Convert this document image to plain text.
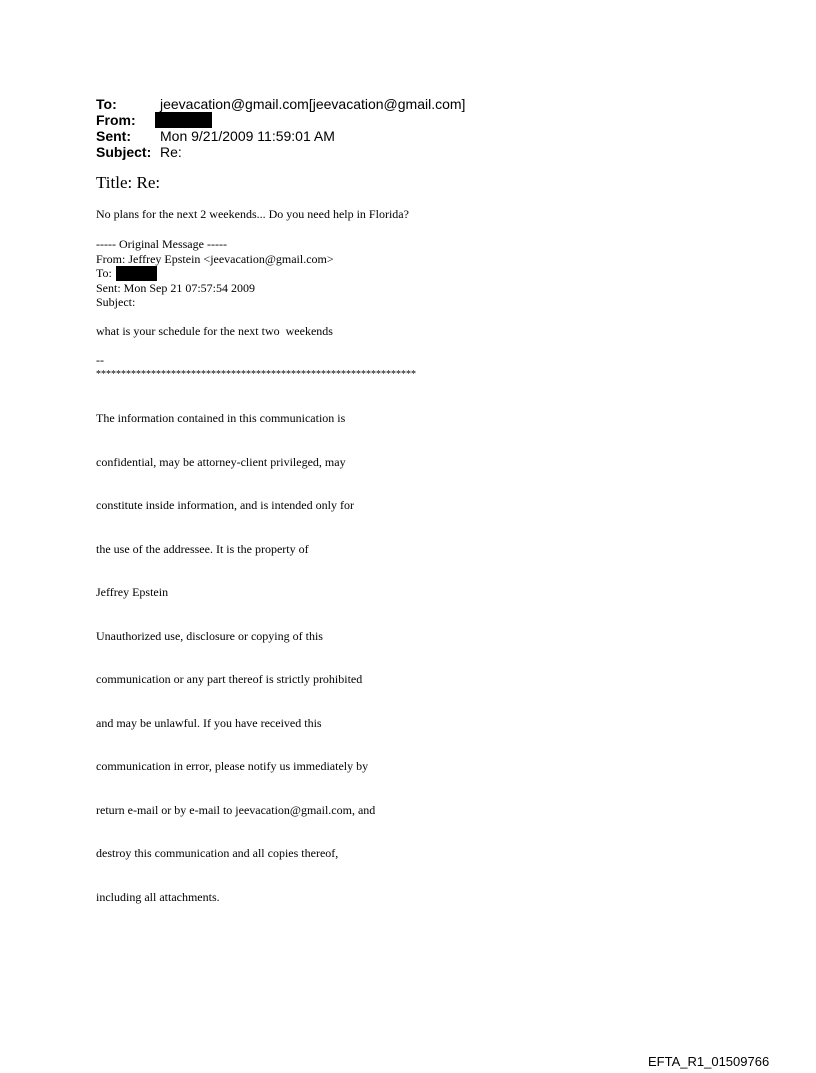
To:	jeevacation@gmail.com[jeevacation@gmail.com]
From:
Sent: Mon 9/21/2009 11:59:01 AM
Subject: Re:
Title: Re:
No plans for the next 2 weekends... Do you need help in Florida?
----- Original Message -----
From: Jeffrey Epstein <jeevacation@gmail.com>
To:
Sent: Mon Sep 21 07:57:54 2009
Subject:
what is your schedule for the next two  weekends
--
****************************************************************

The information contained in this communication is

confidential, may be attorney-client privileged, may

constitute inside information, and is intended only for

the use of the addressee. It is the property of

Jeffrey Epstein

Unauthorized use, disclosure or copying of this

communication or any part thereof is strictly prohibited

and may be unlawful. If you have received this

communication in error, please notify us immediately by

return e-mail or by e-mail to jeevacation@gmail.com, and

destroy this communication and all copies thereof,

including all attachments.

EFTA_R1_01509766
